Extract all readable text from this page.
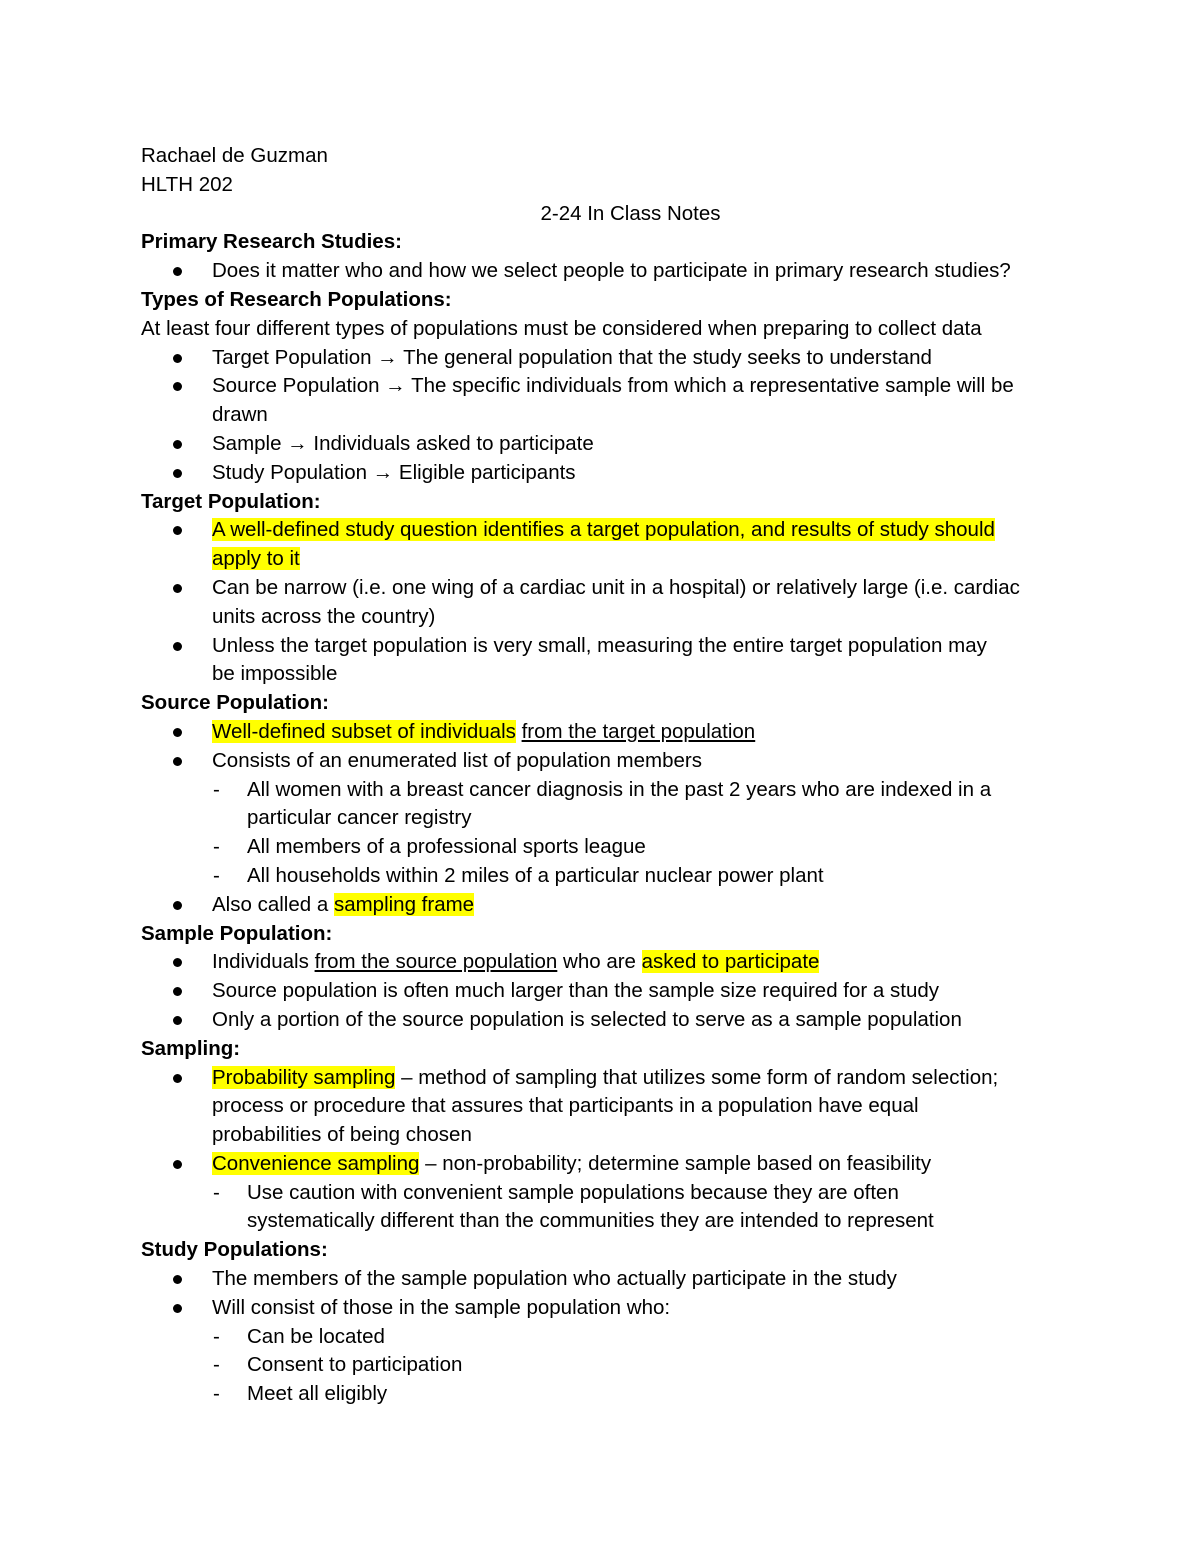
Rachael de Guzman
HLTH 202
2-24 In Class Notes
Primary Research Studies:
Does it matter who and how we select people to participate in primary research studies?
Types of Research Populations:
At least four different types of populations must be considered when preparing to collect data
Target Population → The general population that the study seeks to understand
Source Population → The specific individuals from which a representative sample will be
drawn
Sample → Individuals asked to participate
Study Population → Eligible participants
Target Population:
A well-defined study question identifies a target population, and results of study should
apply to it
Can be narrow (i.e. one wing of a cardiac unit in a hospital) or relatively large (i.e. cardiac
units across the country)
Unless the target population is very small, measuring the entire target population may
be impossible
Source Population:
Well-defined subset of individuals from the target population
Consists of an enumerated list of population members
- All women with a breast cancer diagnosis in the past 2 years who are indexed in a
particular cancer registry
- All members of a professional sports league
- All households within 2 miles of a particular nuclear power plant
Also called a sampling frame
Sample Population:
Individuals from the source population who are asked to participate
Source population is often much larger than the sample size required for a study
Only a portion of the source population is selected to serve as a sample population
Sampling:
Probability sampling – method of sampling that utilizes some form of random selection;
process or procedure that assures that participants in a population have equal
probabilities of being chosen
Convenience sampling – non-probability; determine sample based on feasibility
- Use caution with convenient sample populations because they are often
systematically different than the communities they are intended to represent
Study Populations:
The members of the sample population who actually participate in the study
Will consist of those in the sample population who:
- Can be located
- Consent to participation
- Meet all eligibly
